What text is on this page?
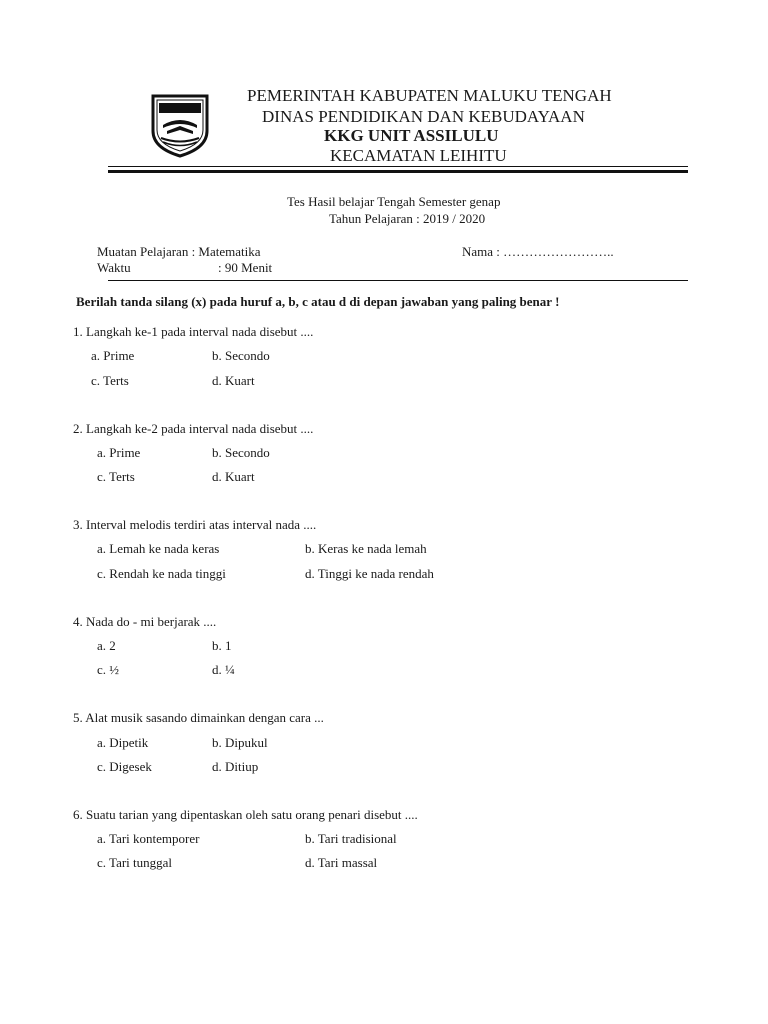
PEMERINTAH KABUPATEN MALUKU TENGAH
DINAS PENDIDIKAN DAN KEBUDAYAAN
KKG UNIT ASSILULU
KECAMATAN LEIHITU
Tes Hasil belajar Tengah Semester genap
Tahun Pelajaran : 2019 / 2020
Muatan Pelajaran : Matematika
Waktu	: 90 Menit
Nama : ……………………..
Berilah tanda silang (x) pada huruf a, b, c atau d di depan jawaban yang paling benar !
1. Langkah ke-1 pada interval nada disebut ....
a. Prime	b. Secondo
c. Terts	d. Kuart
2. Langkah ke-2 pada interval nada disebut ....
a. Prime	b. Secondo
c. Terts	d. Kuart
3. Interval melodis terdiri atas interval nada ....
a. Lemah ke nada keras	b. Keras ke nada lemah
c. Rendah ke nada tinggi	d. Tinggi ke nada rendah
4. Nada do - mi berjarak ....
a. 2	b. 1
c. ½	d. ¼
5. Alat musik sasando dimainkan dengan cara ...
a. Dipetik	b. Dipukul
c. Digesek	d. Ditiup
6. Suatu tarian yang dipentaskan oleh satu orang penari disebut ....
a. Tari kontemporer	b. Tari tradisional
c. Tari tunggal	d. Tari massal
